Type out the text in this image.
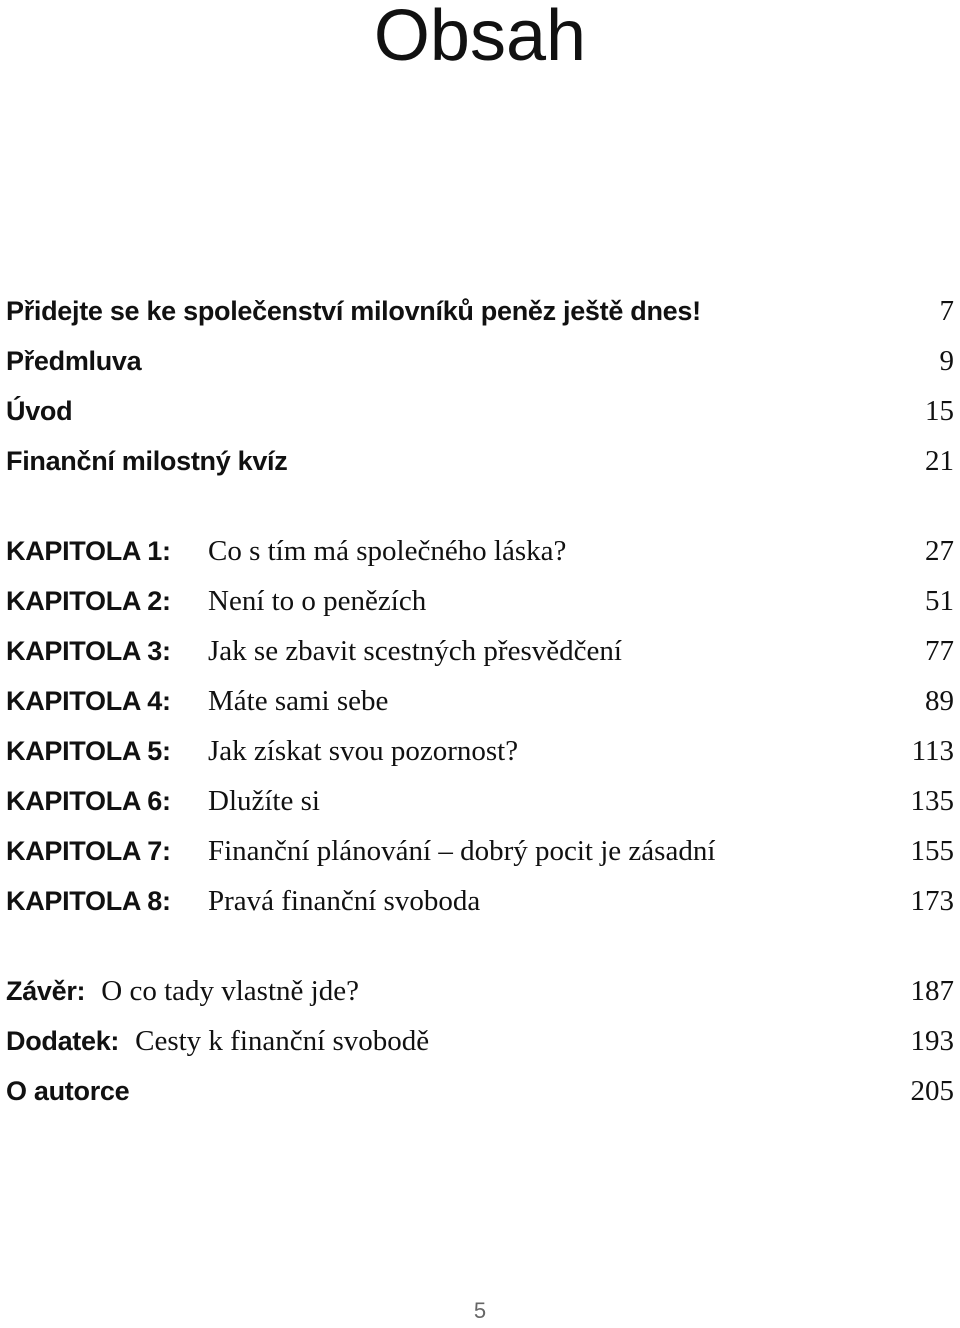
Obsah
Přidejte se ke společenství milovníků peněz ještě dnes!	7
Předmluva	9
Úvod	15
Finanční milostný kvíz	21
KAPITOLA 1: Co s tím má společného láska?	27
KAPITOLA 2: Není to o penězích	51
KAPITOLA 3: Jak se zbavit scestných přesvědčení	77
KAPITOLA 4: Máte sami sebe	89
KAPITOLA 5: Jak získat svou pozornost?	113
KAPITOLA 6: Dlužíte si	135
KAPITOLA 7: Finanční plánování – dobrý pocit je zásadní	155
KAPITOLA 8: Pravá finanční svoboda	173
Závěr: O co tady vlastně jde?	187
Dodatek: Cesty k finanční svobodě	193
O autorce	205
5
